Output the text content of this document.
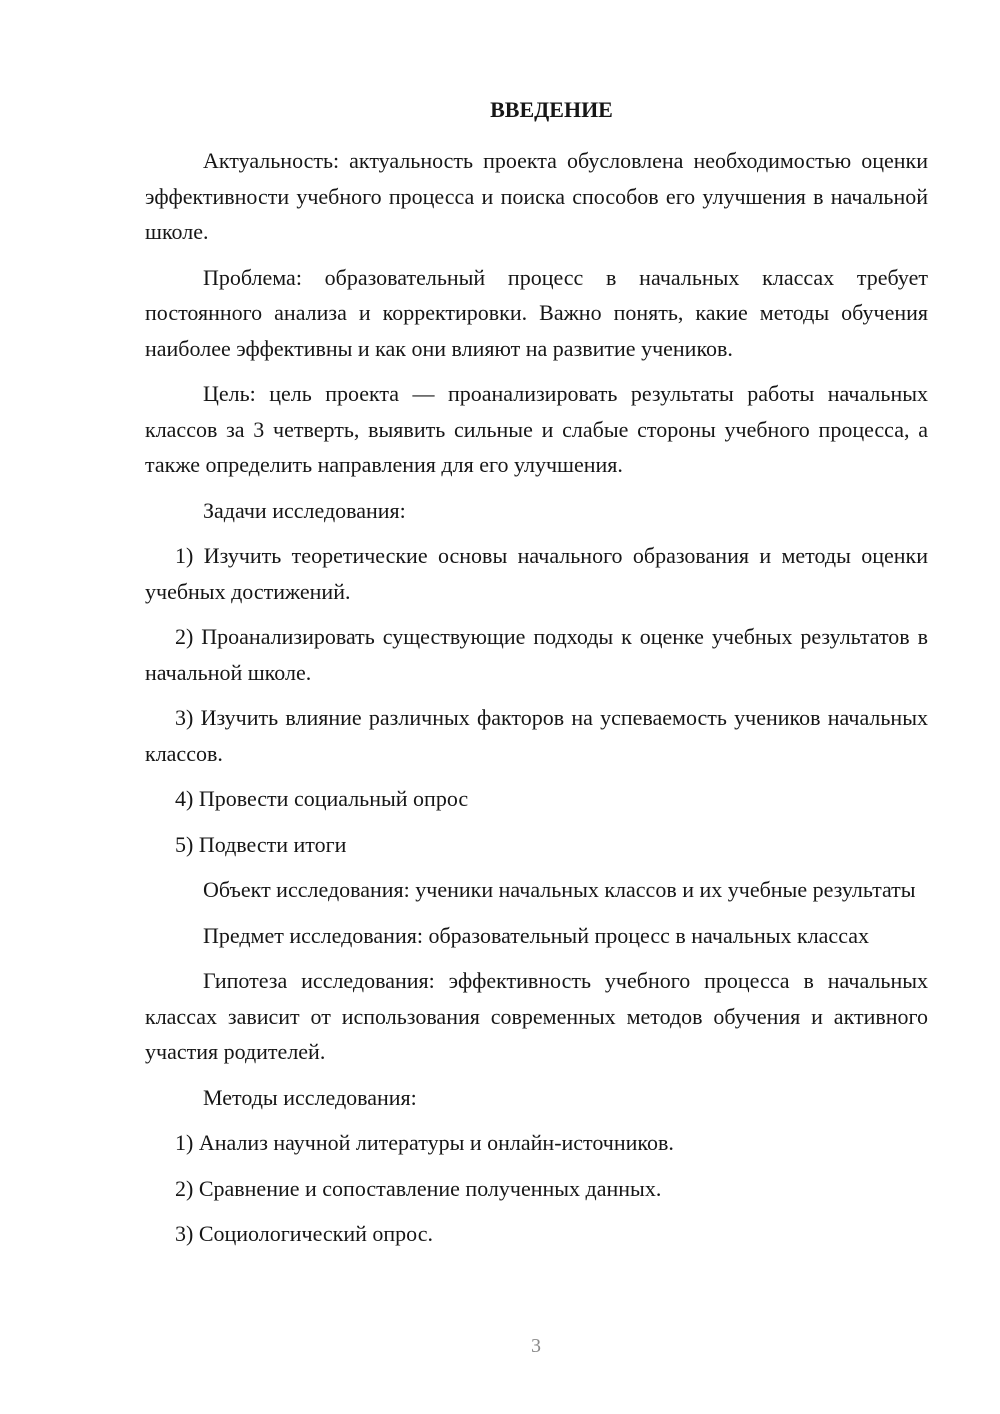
ВВЕДЕНИЕ
Актуальность: актуальность проекта обусловлена необходимостью оценки эффективности учебного процесса и поиска способов его улучшения в начальной школе.
Проблема: образовательный процесс в начальных классах требует постоянного анализа и корректировки. Важно понять, какие методы обучения наиболее эффективны и как они влияют на развитие учеников.
Цель: цель проекта — проанализировать результаты работы начальных классов за 3 четверть, выявить сильные и слабые стороны учебного процесса, а также определить направления для его улучшения.
Задачи исследования:
1) Изучить теоретические основы начального образования и методы оценки учебных достижений.
2) Проанализировать существующие подходы к оценке учебных результатов в начальной школе.
3) Изучить влияние различных факторов на успеваемость учеников начальных классов.
4) Провести социальный опрос
5) Подвести итоги
Объект исследования: ученики начальных классов и их учебные результаты
Предмет исследования: образовательный процесс в начальных классах
Гипотеза исследования: эффективность учебного процесса в начальных классах зависит от использования современных методов обучения и активного участия родителей.
Методы исследования:
1) Анализ научной литературы и онлайн-источников.
2) Сравнение и сопоставление полученных данных.
3) Социологический опрос.
3
